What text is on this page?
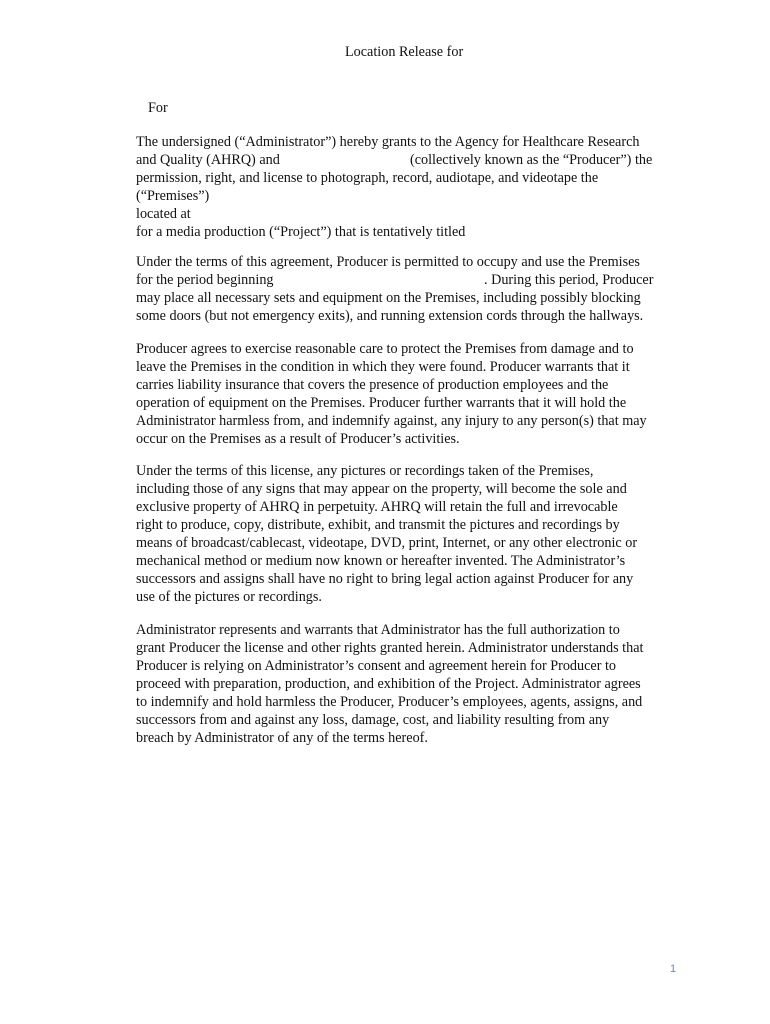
Location Release for
For
The undersigned (“Administrator”) hereby grants to the Agency for Healthcare Research
and Quality (AHRQ) and	(collectively known as the “Producer”) the
permission, right, and license to photograph, record, audiotape, and videotape the
(“Premises”)
located at
for a media production (“Project”) that is tentatively titled
Under the terms of this agreement, Producer is permitted to occupy and use the Premises
for the period beginning	. During this period, Producer
may place all necessary sets and equipment on the Premises, including possibly blocking
some doors (but not emergency exits), and running extension cords through the hallways.
Producer agrees to exercise reasonable care to protect the Premises from damage and to
leave the Premises in the condition in which they were found. Producer warrants that it
carries liability insurance that covers the presence of production employees and the
operation of equipment on the Premises. Producer further warrants that it will hold the
Administrator harmless from, and indemnify against, any injury to any person(s) that may
occur on the Premises as a result of Producer’s activities.
Under the terms of this license, any pictures or recordings taken of the Premises,
including those of any signs that may appear on the property, will become the sole and
exclusive property of AHRQ in perpetuity. AHRQ will retain the full and irrevocable
right to produce, copy, distribute, exhibit, and transmit the pictures and recordings by
means of broadcast/cablecast, videotape, DVD, print, Internet, or any other electronic or
mechanical method or medium now known or hereafter invented. The Administrator’s
successors and assigns shall have no right to bring legal action against Producer for any
use of the pictures or recordings.
Administrator represents and warrants that Administrator has the full authorization to
grant Producer the license and other rights granted herein. Administrator understands that
Producer is relying on Administrator’s consent and agreement herein for Producer to
proceed with preparation, production, and exhibition of the Project. Administrator agrees
to indemnify and hold harmless the Producer, Producer’s employees, agents, assigns, and
successors from and against any loss, damage, cost, and liability resulting from any
breach by Administrator of any of the terms hereof.
1
